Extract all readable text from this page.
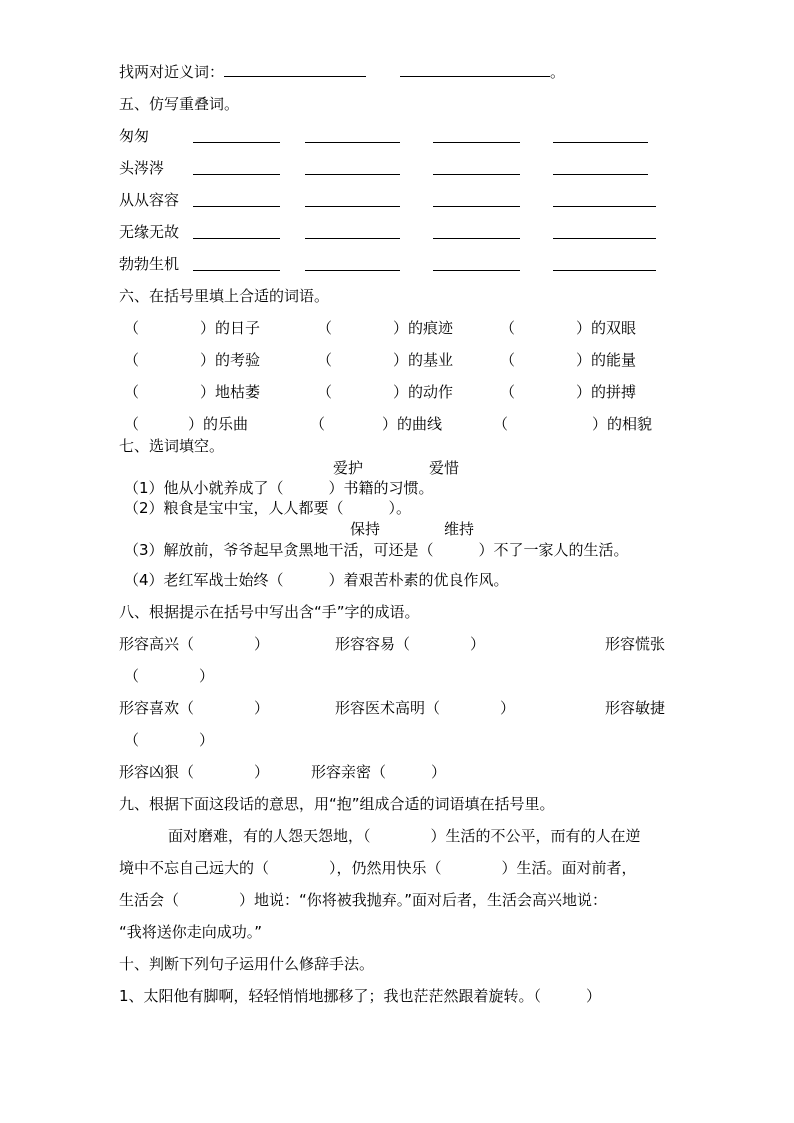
找两对近义词：	。
五、仿写重叠词。
匆匆
头涔涔
从从容容
无缘无故
勃勃生机
六、在括号里填上合适的词语。
（	）的日子	（	）的痕迹	（	）的双眼
（	）的考验	（	）的基业	（	）的能量
（	）地枯萎	（	）的动作	（	）的拼搏
（	）的乐曲	（	）的曲线	（	）的相貌
七、选词填空。
爱护	爱惜
（1）他从小就养成了（　　　）书籍的习惯。
（2）粮食是宝中宝，人人都要（　　　）。
保持	维持
（3）解放前，爷爷起早贪黑地干活，可还是（　　　）不了一家人的生活。
（4）老红军战士始终（　　　）着艰苦朴素的优良作风。
八、根据提示在括号中写出含“手”字的成语。
形容高兴（　　　　）	形容容易（　　　　）	形容慌张
（　　　　）
形容喜欢（　　　　）	形容医术高明（　　　　）	形容敏捷
（　　　　）
形容凶狠（　　　　）	形容亲密（　　　）
九、根据下面这段话的意思，用“抱”组成合适的词语填在括号里。
面对磨难，有的人怨天怨地，（　　　　）生活的不公平，而有的人在逆
境中不忘自己远大的（　　　　），仍然用快乐（　　　　）生活。面对前者，
生活会（　　　　）地说：“你将被我抛弃。”面对后者，生活会高兴地说：
“我将送你走向成功。”
十、判断下列句子运用什么修辞手法。
1、太阳他有脚啊，轻轻悄悄地挪移了；我也茫茫然跟着旋转。（　　　）
